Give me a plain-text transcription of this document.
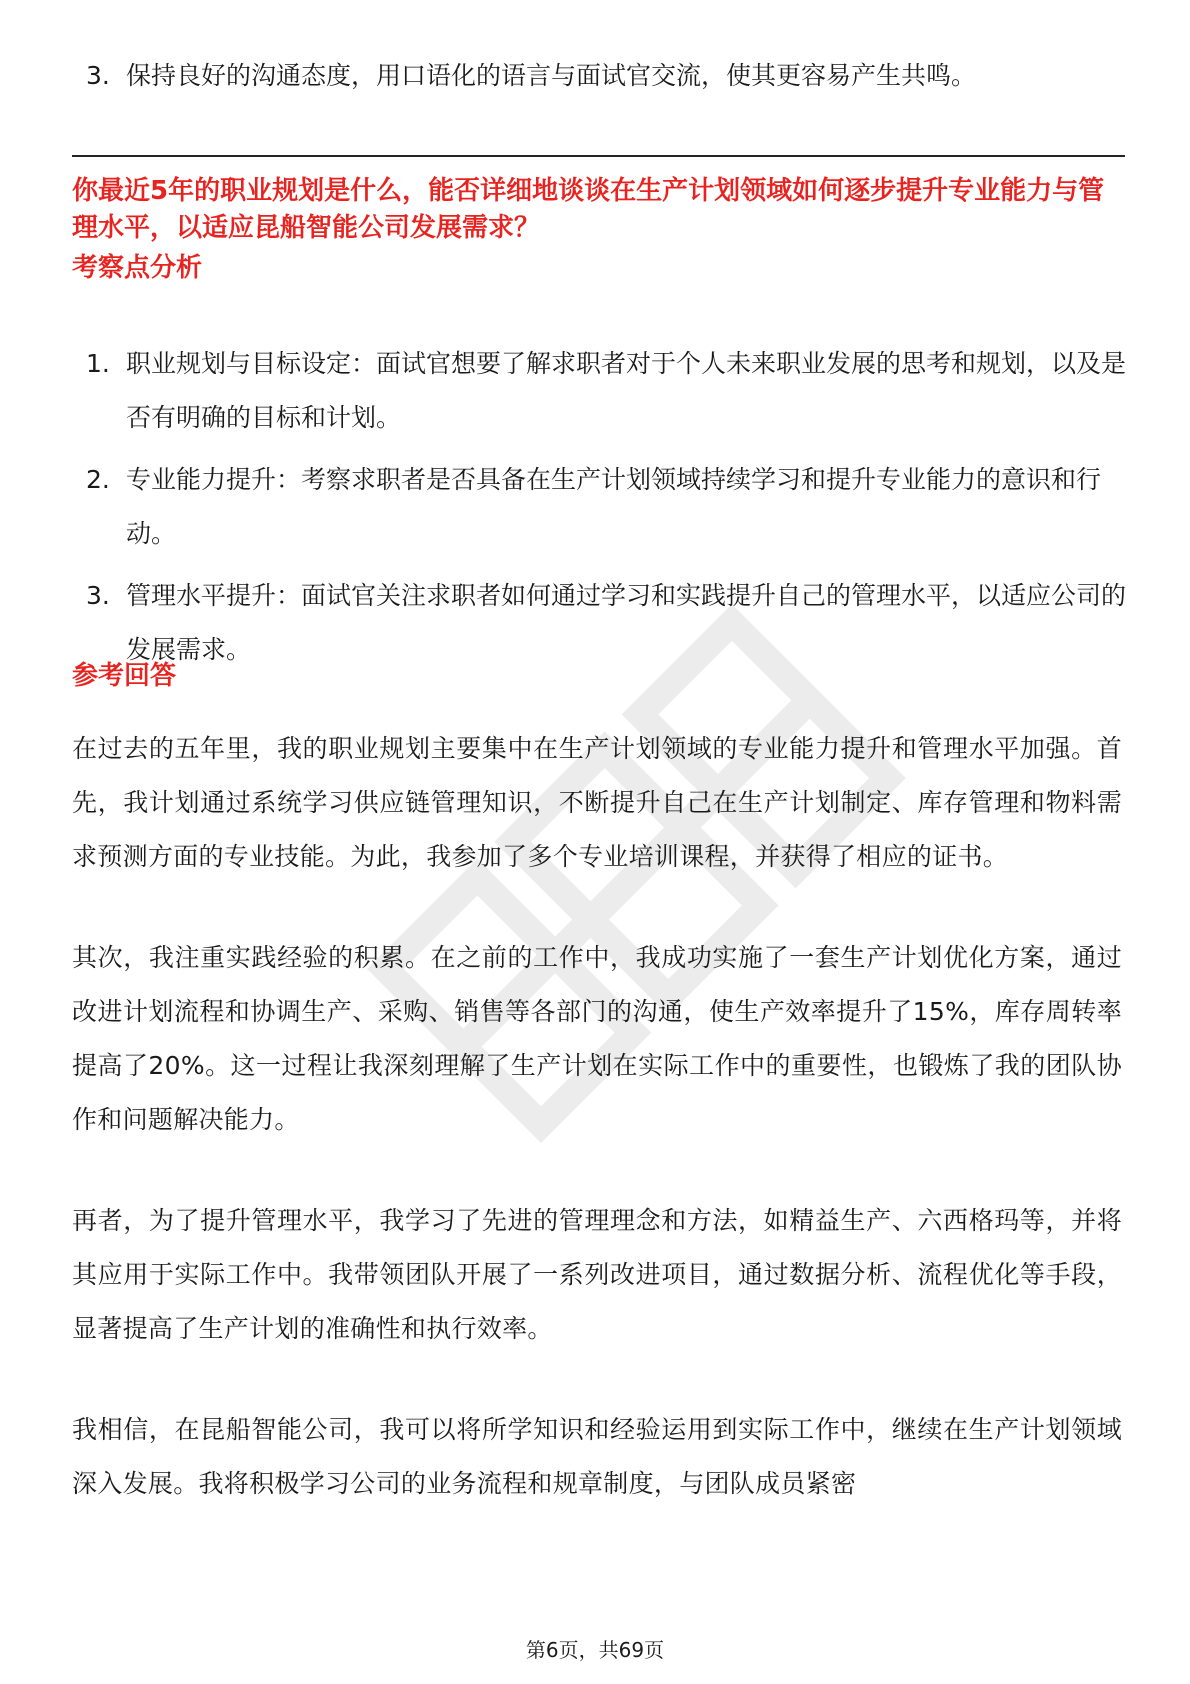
3. 保持良好的沟通态度，用口语化的语言与面试官交流，使其更容易产生共鸣。
你最近5年的职业规划是什么，能否详细地谈谈在生产计划领域如何逐步提升专业能力与管理水平，以适应昆船智能公司发展需求？
考察点分析
1. 职业规划与目标设定：面试官想要了解求职者对于个人未来职业发展的思考和规划，以及是否有明确的目标和计划。
2. 专业能力提升：考察求职者是否具备在生产计划领域持续学习和提升专业能力的意识和行动。
3. 管理水平提升：面试官关注求职者如何通过学习和实践提升自己的管理水平，以适应公司的发展需求。
参考回答

在过去的五年里，我的职业规划主要集中在生产计划领域的专业能力提升和管理水平加强。首先，我计划通过系统学习供应链管理知识，不断提升自己在生产计划制定、库存管理和物料需求预测方面的专业技能。为此，我参加了多个专业培训课程，并获得了相应的证书。

其次，我注重实践经验的积累。在之前的工作中，我成功实施了一套生产计划优化方案，通过改进计划流程和协调生产、采购、销售等各部门的沟通，使生产效率提升了15%，库存周转率提高了20%。这一过程让我深刻理解了生产计划在实际工作中的重要性，也锻炼了我的团队协作和问题解决能力。

再者，为了提升管理水平，我学习了先进的管理理念和方法，如精益生产、六西格玛等，并将其应用于实际工作中。我带领团队开展了一系列改进项目，通过数据分析、流程优化等手段，显著提高了生产计划的准确性和执行效率。

我相信，在昆船智能公司，我可以将所学知识和经验运用到实际工作中，继续在生产计划领域深入发展。我将积极学习公司的业务流程和规章制度，与团队成员紧密

第6页，共69页
